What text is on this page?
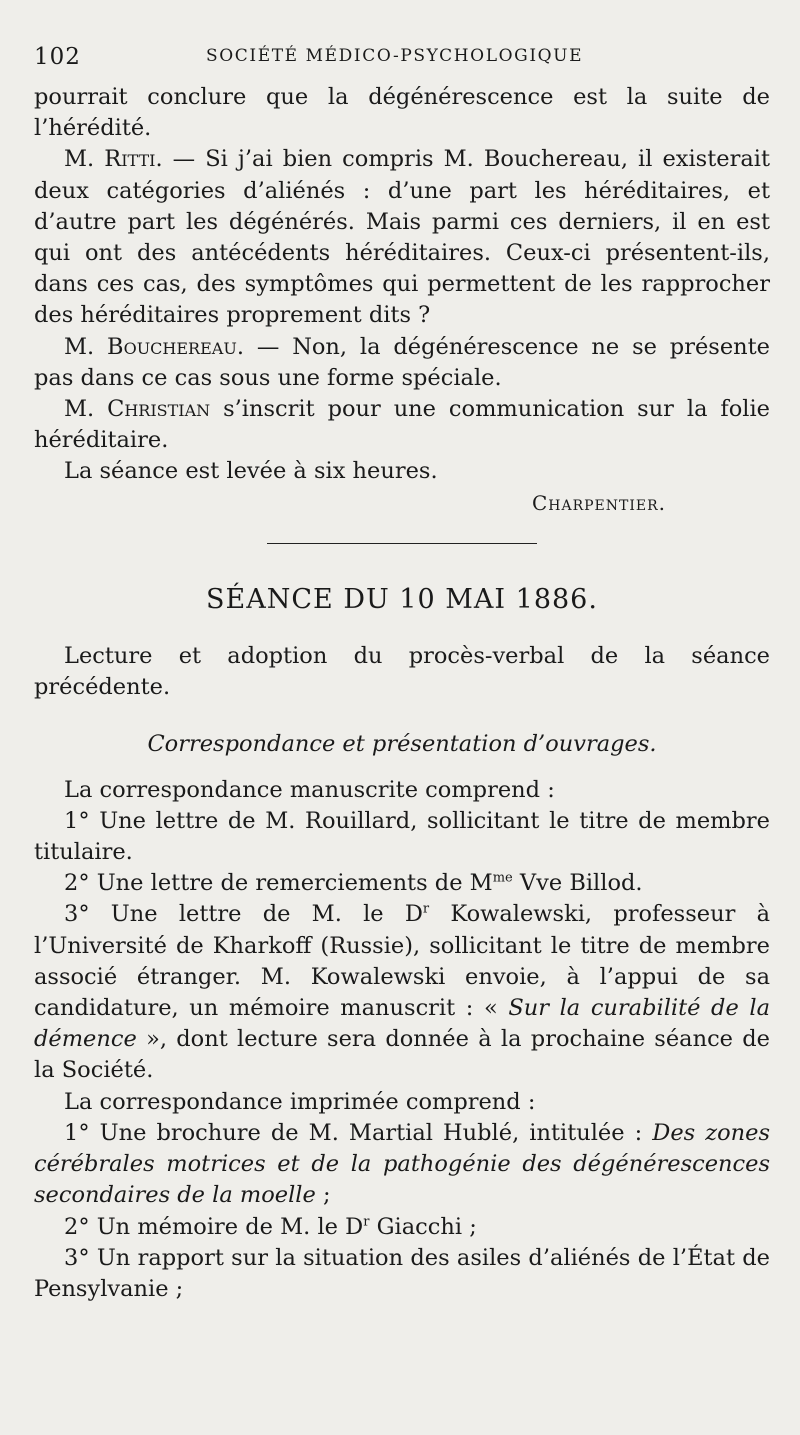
102	SOCIÉTÉ MÉDICO-PSYCHOLOGIQUE

pourrait conclure que la dégénérescence est la suite de l’hérédité.

M. Ritti. — Si j’ai bien compris M. Bouchereau, il existerait deux catégories d’aliénés : d’une part les héréditaires, et d’autre part les dégénérés. Mais parmi ces derniers, il en est qui ont des antécédents héréditaires. Ceux-ci présentent-ils, dans ces cas, des symptômes qui permettent de les rapprocher des héréditaires proprement dits ?

M. Bouchereau. — Non, la dégénérescence ne se présente pas dans ce cas sous une forme spéciale.

M. Christian s’inscrit pour une communication sur la folie héréditaire.

La séance est levée à six heures.

Charpentier.

SÉANCE DU 10 MAI 1886.

Lecture et adoption du procès-verbal de la séance précédente.

Correspondance et présentation d’ouvrages.

La correspondance manuscrite comprend :

1° Une lettre de M. Rouillard, sollicitant le titre de membre titulaire.

2° Une lettre de remerciements de $M^{me}$ Vve Billod.

3° Une lettre de M. le $D^r$ Kowalewski, professeur à l’Université de Kharkoff (Russie), sollicitant le titre de membre associé étranger. M. Kowalewski envoie, à l’appui de sa candidature, un mémoire manuscrit : « Sur la curabilité de la démence », dont lecture sera donnée à la prochaine séance de la Société.

La correspondance imprimée comprend :

1° Une brochure de M. Martial Hublé, intitulée : Des zones cérébrales motrices et de la pathogénie des dégénérescences secondaires de la moelle ;

2° Un mémoire de M. le $D^r$ Giacchi ;

3° Un rapport sur la situation des asiles d’aliénés de l’État de Pensylvanie ;
